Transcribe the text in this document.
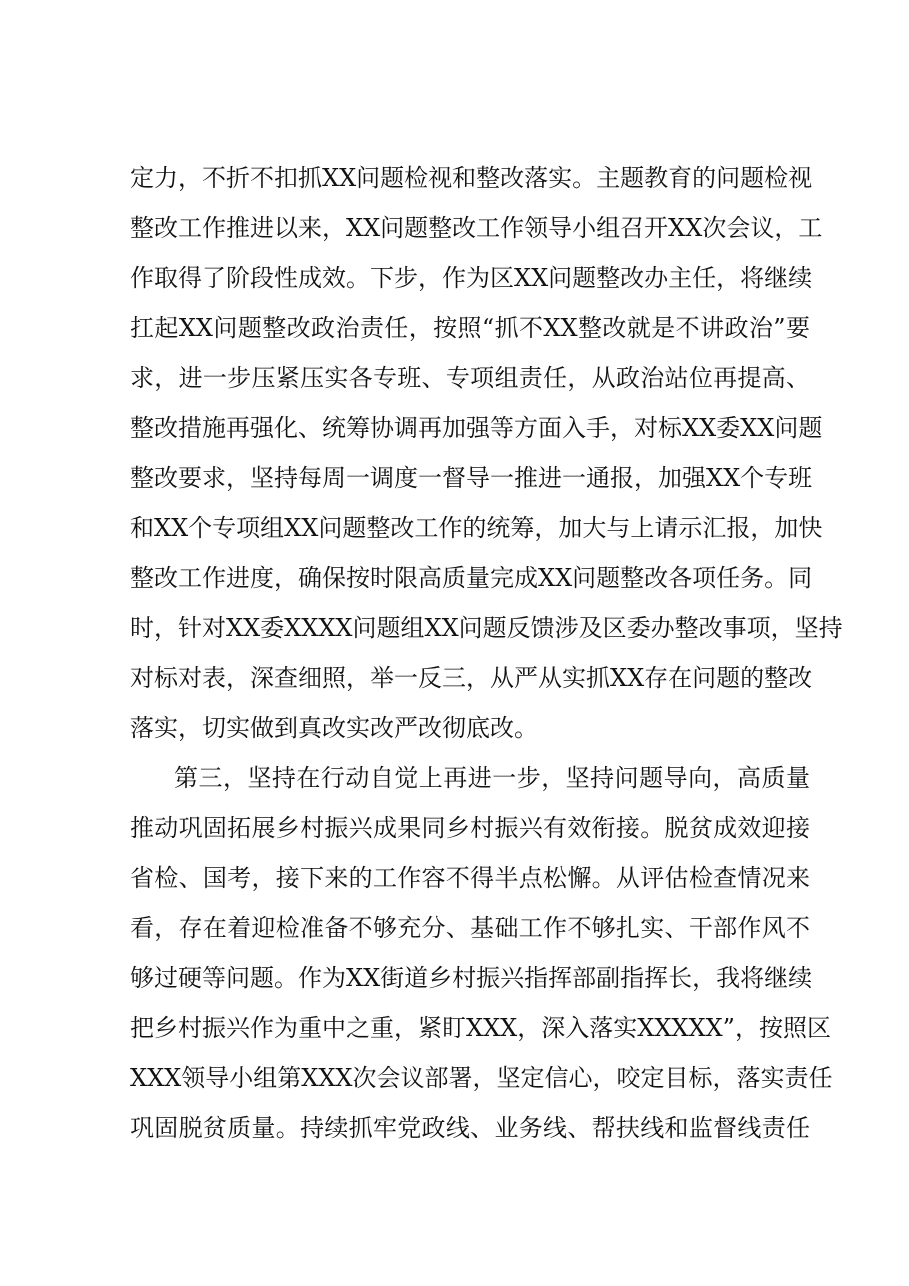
定力，不折不扣抓XX问题检视和整改落实。主题教育的问题检视
整改工作推进以来，XX问题整改工作领导小组召开XX次会议，工
作取得了阶段性成效。下步，作为区XX问题整改办主任，将继续
扛起XX问题整改政治责任，按照“抓不XX整改就是不讲政治”要
求，进一步压紧压实各专班、专项组责任，从政治站位再提高、
整改措施再强化、统筹协调再加强等方面入手，对标XX委XX问题
整改要求，坚持每周一调度一督导一推进一通报，加强XX个专班
和XX个专项组XX问题整改工作的统筹，加大与上请示汇报，加快
整改工作进度，确保按时限高质量完成XX问题整改各项任务。同
时，针对XX委XXXX问题组XX问题反馈涉及区委办整改事项，坚持
对标对表，深查细照，举一反三，从严从实抓XX存在问题的整改
落实，切实做到真改实改严改彻底改。
第三，坚持在行动自觉上再进一步，坚持问题导向，高质量
推动巩固拓展乡村振兴成果同乡村振兴有效衔接。脱贫成效迎接
省检、国考，接下来的工作容不得半点松懈。从评估检查情况来
看，存在着迎检准备不够充分、基础工作不够扎实、干部作风不
够过硬等问题。作为XX街道乡村振兴指挥部副指挥长，我将继续
把乡村振兴作为重中之重，紧盯XXX，深入落实XXXXX”，按照区
XXX领导小组第XXX次会议部署，坚定信心，咬定目标，落实责任
巩固脱贫质量。持续抓牢党政线、业务线、帮扶线和监督线责任
